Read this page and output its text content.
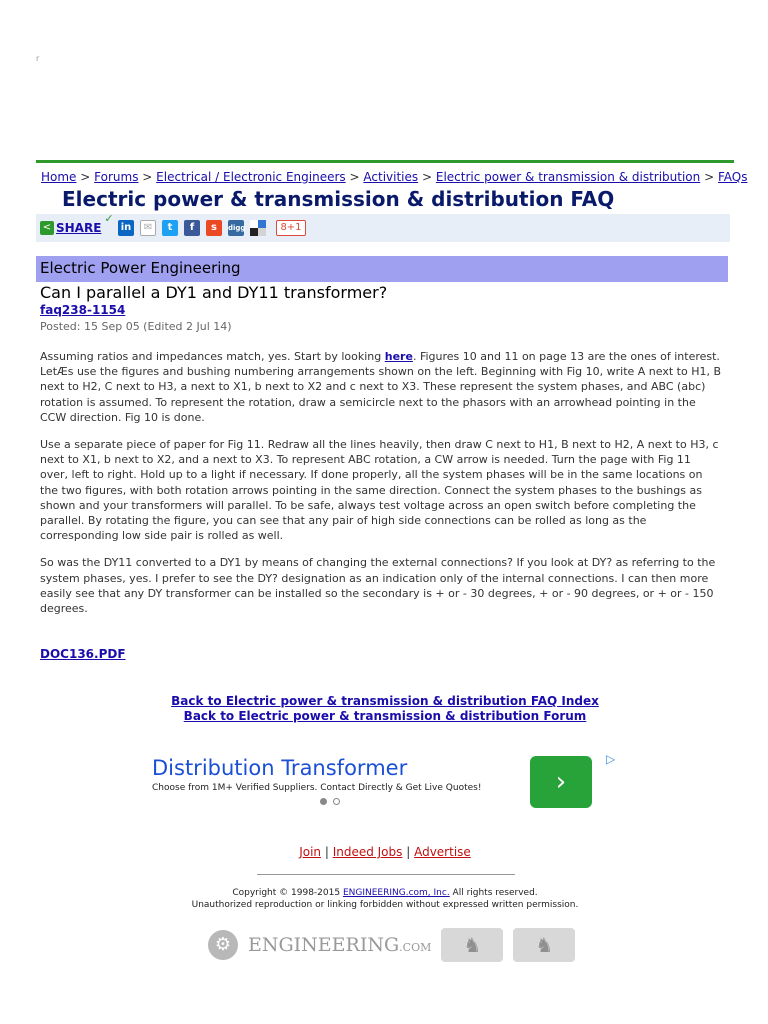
r
Home > Forums > Electrical / Electronic Engineers > Activities > Electric power & transmission & distribution > FAQs
Electric power & transmission & distribution FAQ
< SHARE
✓
in	✉	t	f	s	digg	8+1
Electric Power Engineering
Can I parallel a DY1 and DY11 transformer?
faq238-1154
Posted: 15 Sep 05 (Edited 2 Jul 14)

Assuming ratios and impedances match, yes. Start by looking here. Figures 10 and 11 on page 13 are the ones of interest. LetÆs use the figures and bushing numbering arrangements shown on the left. Beginning with Fig 10, write A next to H1, B next to H2, C next to H3, a next to X1, b next to X2 and c next to X3. These represent the system phases, and ABC (abc) rotation is assumed. To represent the rotation, draw a semicircle next to the phasors with an arrowhead pointing in the CCW direction. Fig 10 is done.

Use a separate piece of paper for Fig 11. Redraw all the lines heavily, then draw C next to H1, B next to H2, A next to H3, c next to X1, b next to X2, and a next to X3. To represent ABC rotation, a CW arrow is needed. Turn the page with Fig 11 over, left to right. Hold up to a light if necessary. If done properly, all the system phases will be in the same locations on the two figures, with both rotation arrows pointing in the same direction. Connect the system phases to the bushings as shown and your transformers will parallel. To be safe, always test voltage across an open switch before completing the parallel. By rotating the figure, you can see that any pair of high side connections can be rolled as long as the corresponding low side pair is rolled as well.

So was the DY11 converted to a DY1 by means of changing the external connections? If you look at DY? as referring to the system phases, yes. I prefer to see the DY? designation as an indication only of the internal connections. I can then more easily see that any DY transformer can be installed so the secondary is + or - 30 degrees, + or - 90 degrees, or + or - 150 degrees.

DOC136.PDF
Back to Electric power & transmission & distribution FAQ Index
Back to Electric power & transmission & distribution Forum
Distribution Transformer
Choose from 1M+ Verified Suppliers. Contact Directly & Get Live Quotes!	›
▷
Join | Indeed Jobs | Advertise
Copyright © 1998-2015 ENGINEERING.com, Inc. All rights reserved.
Unauthorized reproduction or linking forbidden without expressed written permission.
⚙ ENGINEERING.COM	♞	♞
